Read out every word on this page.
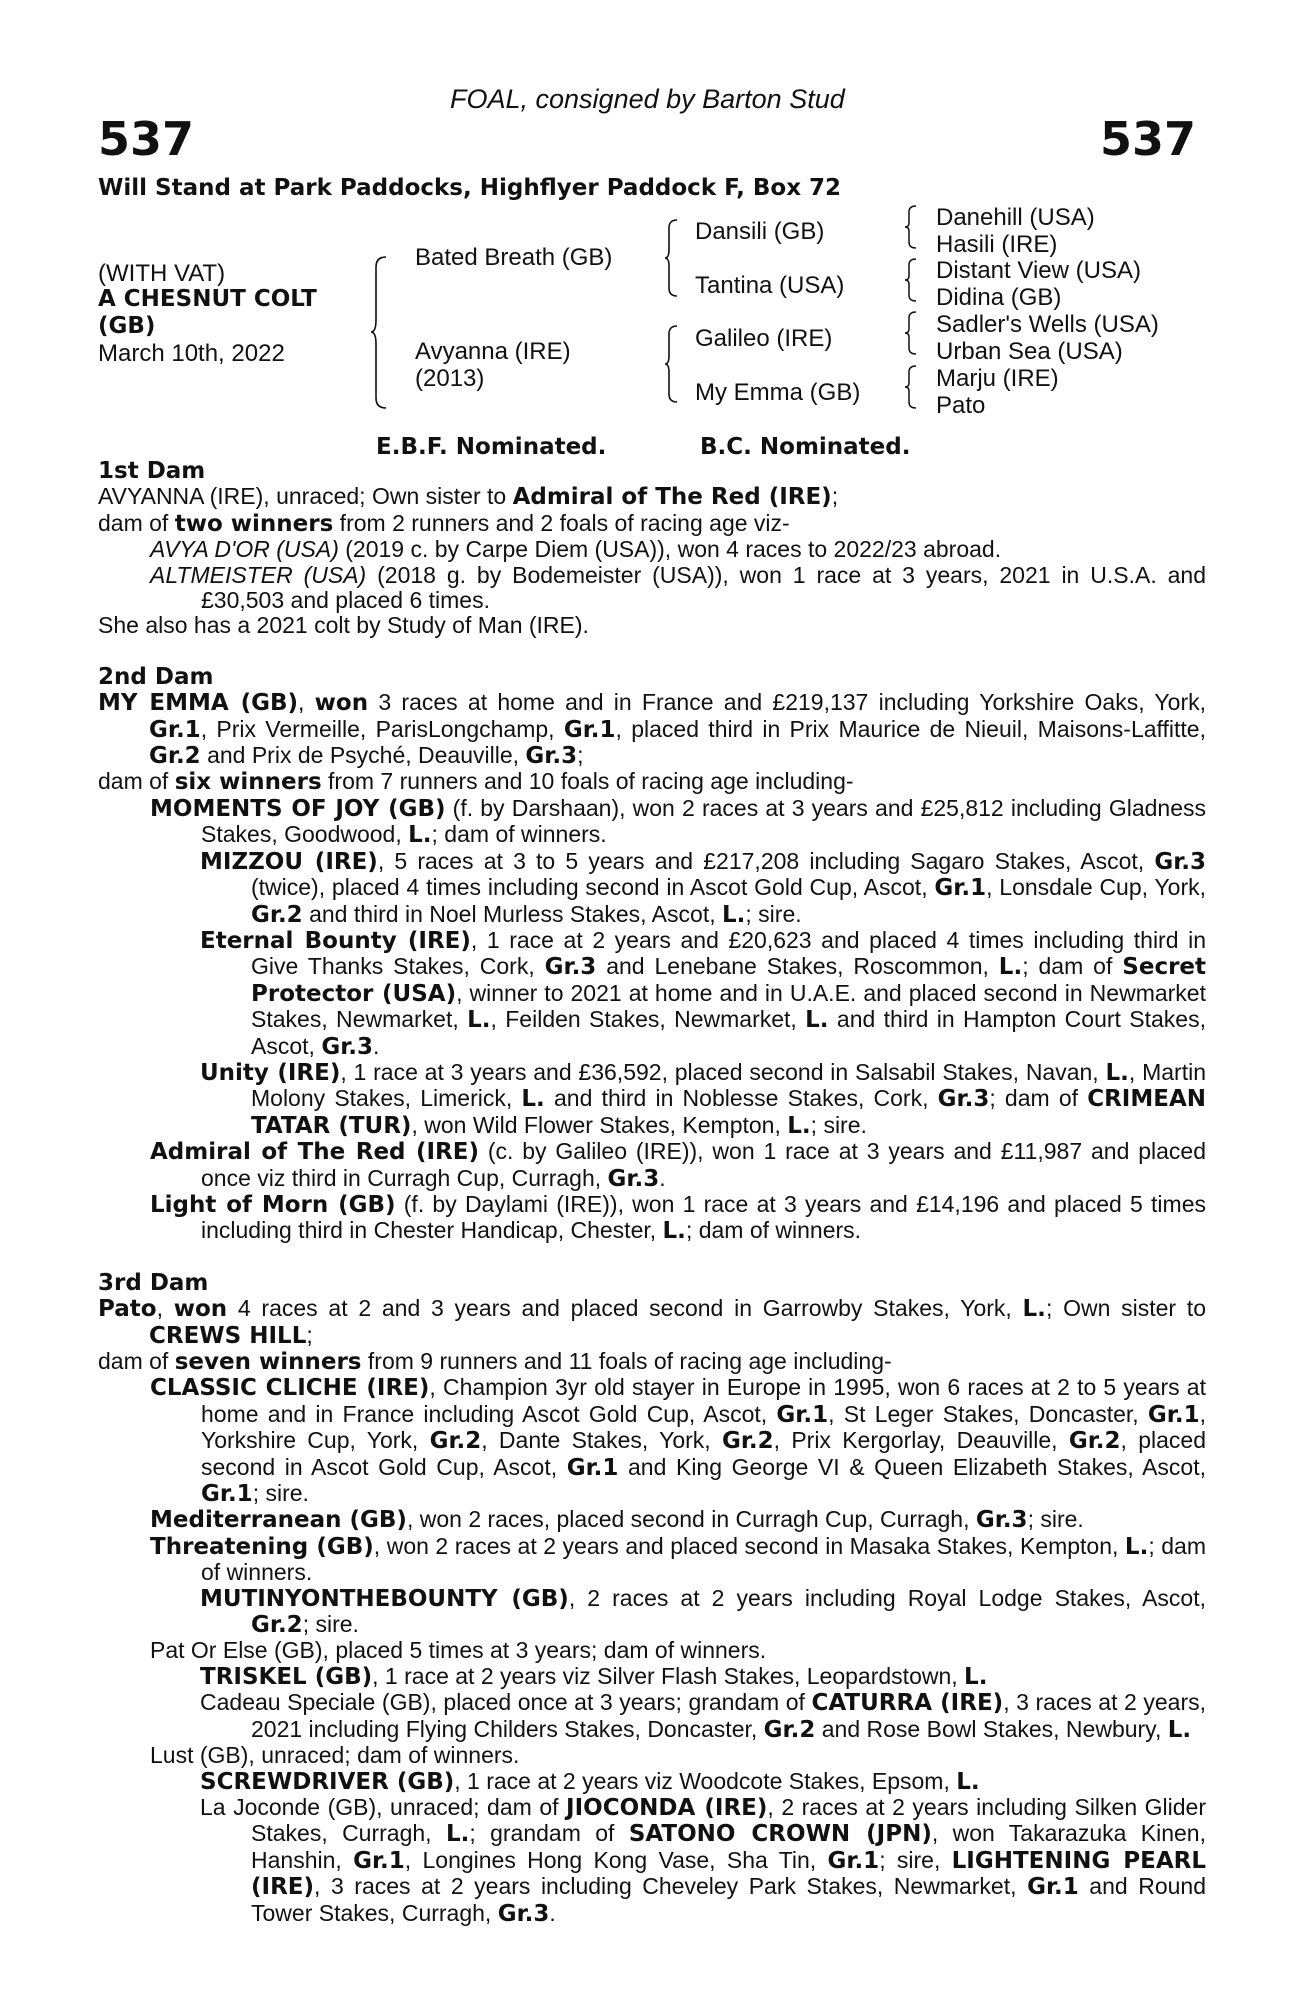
FOAL, consigned by Barton Stud
537	537
Will Stand at Park Paddocks, Highflyer Paddock F, Box 72
(WITH VAT)
A CHESNUT COLT
(GB)
March 10th, 2022
Bated Breath (GB)
Avyanna (IRE)
(2013)
Dansili (GB)
Tantina (USA)
Galileo (IRE)
My Emma (GB)
Danehill (USA)
Hasili (IRE)
Distant View (USA)
Didina (GB)
Sadler's Wells (USA)
Urban Sea (USA)
Marju (IRE)
Pato
E.B.F. Nominated.	B.C. Nominated.
1st Dam
AVYANNA (IRE), unraced; Own sister to Admiral of The Red (IRE);
dam of two winners from 2 runners and 2 foals of racing age viz-
AVYA D'OR (USA) (2019 c. by Carpe Diem (USA)), won 4 races to 2022/23 abroad.
ALTMEISTER (USA) (2018 g. by Bodemeister (USA)), won 1 race at 3 years, 2021 in U.S.A. and £30,503 and placed 6 times.
She also has a 2021 colt by Study of Man (IRE).
2nd Dam
MY EMMA (GB), won 3 races at home and in France and £219,137 including Yorkshire Oaks, York, Gr.1, Prix Vermeille, ParisLongchamp, Gr.1, placed third in Prix Maurice de Nieuil, Maisons-Laffitte, Gr.2 and Prix de Psyché, Deauville, Gr.3;
dam of six winners from 7 runners and 10 foals of racing age including-
MOMENTS OF JOY (GB) (f. by Darshaan), won 2 races at 3 years and £25,812 including Gladness Stakes, Goodwood, L.; dam of winners.
MIZZOU (IRE), 5 races at 3 to 5 years and £217,208 including Sagaro Stakes, Ascot, Gr.3 (twice), placed 4 times including second in Ascot Gold Cup, Ascot, Gr.1, Lonsdale Cup, York, Gr.2 and third in Noel Murless Stakes, Ascot, L.; sire.
Eternal Bounty (IRE), 1 race at 2 years and £20,623 and placed 4 times including third in Give Thanks Stakes, Cork, Gr.3 and Lenebane Stakes, Roscommon, L.; dam of Secret Protector (USA), winner to 2021 at home and in U.A.E. and placed second in Newmarket Stakes, Newmarket, L., Feilden Stakes, Newmarket, L. and third in Hampton Court Stakes, Ascot, Gr.3.
Unity (IRE), 1 race at 3 years and £36,592, placed second in Salsabil Stakes, Navan, L., Martin Molony Stakes, Limerick, L. and third in Noblesse Stakes, Cork, Gr.3; dam of CRIMEAN TATAR (TUR), won Wild Flower Stakes, Kempton, L.; sire.
Admiral of The Red (IRE) (c. by Galileo (IRE)), won 1 race at 3 years and £11,987 and placed once viz third in Curragh Cup, Curragh, Gr.3.
Light of Morn (GB) (f. by Daylami (IRE)), won 1 race at 3 years and £14,196 and placed 5 times including third in Chester Handicap, Chester, L.; dam of winners.
3rd Dam
Pato, won 4 races at 2 and 3 years and placed second in Garrowby Stakes, York, L.; Own sister to CREWS HILL;
dam of seven winners from 9 runners and 11 foals of racing age including-
CLASSIC CLICHE (IRE), Champion 3yr old stayer in Europe in 1995, won 6 races at 2 to 5 years at home and in France including Ascot Gold Cup, Ascot, Gr.1, St Leger Stakes, Doncaster, Gr.1, Yorkshire Cup, York, Gr.2, Dante Stakes, York, Gr.2, Prix Kergorlay, Deauville, Gr.2, placed second in Ascot Gold Cup, Ascot, Gr.1 and King George VI & Queen Elizabeth Stakes, Ascot, Gr.1; sire.
Mediterranean (GB), won 2 races, placed second in Curragh Cup, Curragh, Gr.3; sire.
Threatening (GB), won 2 races at 2 years and placed second in Masaka Stakes, Kempton, L.; dam of winners.
MUTINYONTHEBOUNTY (GB), 2 races at 2 years including Royal Lodge Stakes, Ascot, Gr.2; sire.
Pat Or Else (GB), placed 5 times at 3 years; dam of winners.
TRISKEL (GB), 1 race at 2 years viz Silver Flash Stakes, Leopardstown, L.
Cadeau Speciale (GB), placed once at 3 years; grandam of CATURRA (IRE), 3 races at 2 years, 2021 including Flying Childers Stakes, Doncaster, Gr.2 and Rose Bowl Stakes, Newbury, L.
Lust (GB), unraced; dam of winners.
SCREWDRIVER (GB), 1 race at 2 years viz Woodcote Stakes, Epsom, L.
La Joconde (GB), unraced; dam of JIOCONDA (IRE), 2 races at 2 years including Silken Glider Stakes, Curragh, L.; grandam of SATONO CROWN (JPN), won Takarazuka Kinen, Hanshin, Gr.1, Longines Hong Kong Vase, Sha Tin, Gr.1; sire, LIGHTENING PEARL (IRE), 3 races at 2 years including Cheveley Park Stakes, Newmarket, Gr.1 and Round Tower Stakes, Curragh, Gr.3.
